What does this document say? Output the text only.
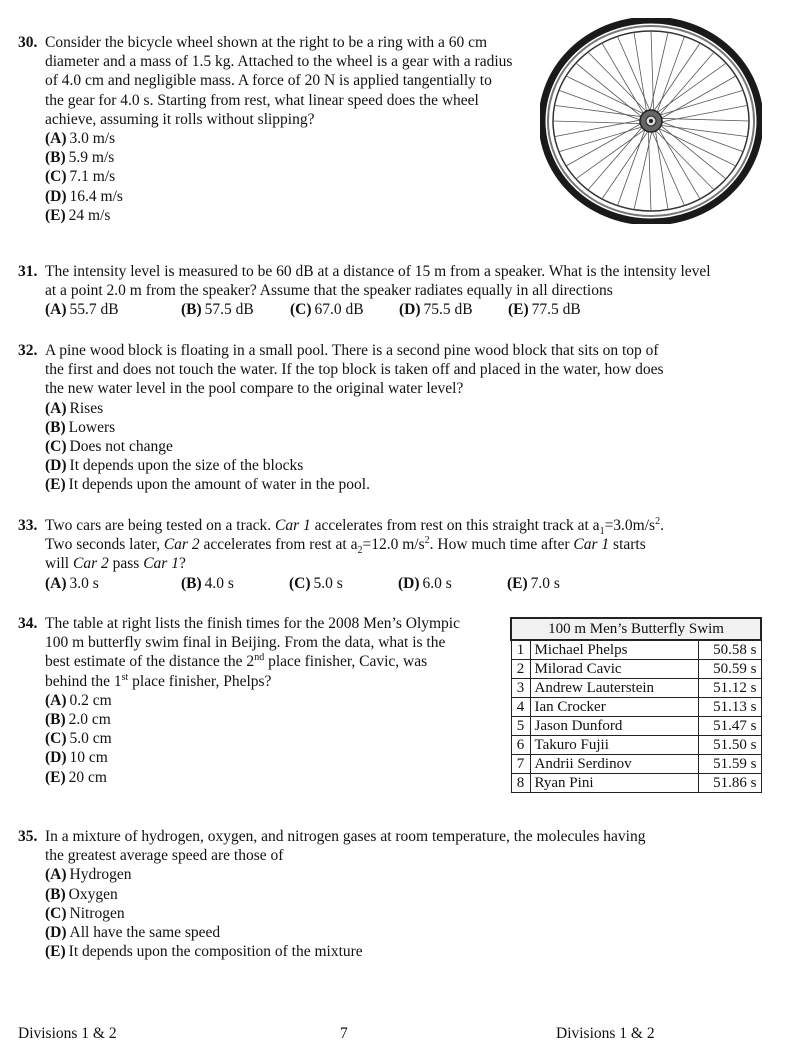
30. Consider the bicycle wheel shown at the right to be a ring with a 60 cm
diameter and a mass of 1.5 kg. Attached to the wheel is a gear with a radius
of 4.0 cm and negligible mass. A force of 20 N is applied tangentially to
the gear for 4.0 s. Starting from rest, what linear speed does the wheel
achieve, assuming it rolls without slipping?
(A) 3.0 m/s
(B) 5.9 m/s
(C) 7.1 m/s
(D) 16.4 m/s
(E) 24 m/s
31. The intensity level is measured to be 60 dB at a distance of 15 m from a speaker. What is the intensity level
at a point 2.0 m from the speaker? Assume that the speaker radiates equally in all directions
(A) 55.7 dB	(B) 57.5 dB	(C) 67.0 dB	(D) 75.5 dB	(E) 77.5 dB
32. A pine wood block is floating in a small pool. There is a second pine wood block that sits on top of
the first and does not touch the water. If the top block is taken off and placed in the water, how does
the new water level in the pool compare to the original water level?
(A) Rises
(B) Lowers
(C) Does not change
(D) It depends upon the size of the blocks
(E) It depends upon the amount of water in the pool.
33. Two cars are being tested on a track. Car 1 accelerates from rest on this straight track at $a_1=3.0m/s^2$.
Two seconds later, Car 2 accelerates from rest at $a_2=12.0$ $m/s^2$. How much time after Car 1 starts
will Car 2 pass Car 1?
(A) 3.0 s	(B) 4.0 s	(C) 5.0 s	(D) 6.0 s	(E) 7.0 s
34. The table at right lists the finish times for the 2008 Men’s Olympic
100 m butterfly swim final in Beijing. From the data, what is the
best estimate of the distance the 2nd place finisher, Cavic, was
behind the 1st place finisher, Phelps?
(A) 0.2 cm
(B) 2.0 cm
(C) 5.0 cm
(D) 10 cm
(E) 20 cm
100 m Men’s Butterfly Swim		
1	Michael Phelps	50.58 s
2	Milorad Cavic	50.59 s
3	Andrew Lauterstein	51.12 s
4	Ian Crocker	51.13 s
5	Jason Dunford	51.47 s
6	Takuro Fujii	51.50 s
7	Andrii Serdinov	51.59 s
8	Ryan Pini	51.86 s
35. In a mixture of hydrogen, oxygen, and nitrogen gases at room temperature, the molecules having
the greatest average speed are those of
(A) Hydrogen
(B) Oxygen
(C) Nitrogen
(D) All have the same speed
(E) It depends upon the composition of the mixture
Divisions 1 & 2	7	Divisions 1 & 2
